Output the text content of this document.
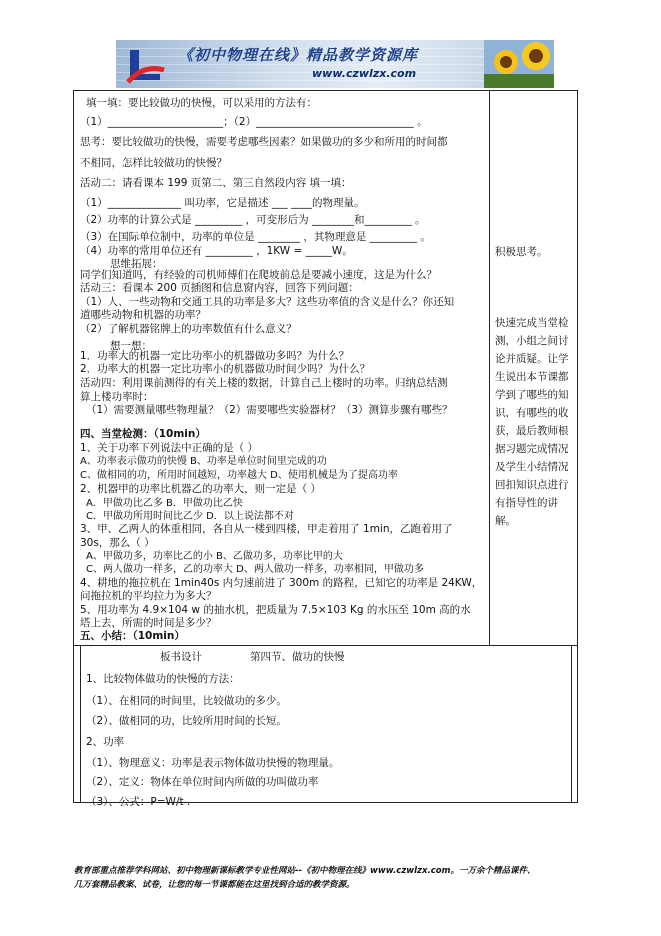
《初中物理在线》精品教学资源库
www.czwlzx.com
填一填：要比较做功的快慢，可以采用的方法有：
（1）______________________；（2）______________________________ 。
思考：要比较做功的快慢，需要考虑哪些因素？如果做功的多少和所用的时间都
不相同，怎样比较做功的快慢？
活动二：请看课本 199 页第二、第三自然段内容 填一填：
（1）______________ 叫功率，它是描述 ___ ____的物理量。
（2）功率的计算公式是 _________ ，可变形后为 ________和_________ 。
（3）在国际单位制中，功率的单位是 ________ ，其物理意是 _________ 。
（4）功率的常用单位还有 _________ ，1KW = _____W。
思维拓展：
同学们知道吗，有经验的司机师傅们在爬坡前总是要减小速度，这是为什么？
活动三：看课本 200 页插图和信息窗内容，回答下列问题：
（1）人、一些动物和交通工具的功率是多大？这些功率值的含义是什么？你还知
道哪些动物和机器的功率？
（2）了解机器铭牌上的功率数值有什么意义？
想一想：
1．功率大的机器一定比功率小的机器做功多吗？为什么？
2．功率大的机器一定比功率小的机器做功时间少吗？为什么？
活动四：利用课前测得的有关上楼的数据，计算自己上楼时的功率。归纳总结测
算上楼功率时：
（1）需要测量哪些物理量？（2）需要哪些实验器材？（3）测算步骤有哪些？
四、当堂检测：（10min）
1、关于功率下列说法中正确的是（ ）
A、功率表示做功的快慢 B、功率是单位时间里完成的功
C、做相同的功，所用时间越短，功率越大 D、使用机械是为了提高功率
2、机器甲的功率比机器乙的功率大，则一定是（ ）
A．甲做功比乙多 B．甲做功比乙快
C．甲做功所用时间比乙少 D．以上说法都不对
3、甲、乙两人的体重相同，各自从一楼到四楼，甲走着用了 1min，乙跑着用了
30s，那么（ ）
A、甲做功多，功率比乙的小 B、乙做功多，功率比甲的大
C、两人做功一样多，乙的功率大 D、两人做功一样多，功率相同，甲做功多
4、耕地的拖拉机在 1min40s 内匀速前进了 300m 的路程，已知它的功率是 24KW，
问拖拉机的平均拉力为多大？
5、用功率为 4.9×104 w 的抽水机，把质量为 7.5×103 Kg 的水压至 10m 高的水
塔上去，所需的时间是多少？
五、小结：（10min）
积极思考。
快速完成当堂检测，小组之间讨论并质疑。让学生说出本节课都学到了哪些的知识，有哪些的收获，最后教师根据习题完成情况及学生小结情况回扣知识点进行有指导性的讲解。
板书设计	第四节、做功的快慢
1、比较物体做功的快慢的方法：
（1）、在相同的时间里，比较做功的多少。
（2）、做相同的功，比较所用时间的长短。
2、功率
（1）、物理意义：功率是表示物体做功快慢的物理量。
（2）、定义：物体在单位时间内所做的功叫做功率
（3）、公式：P=W/t .
教育部重点推荐学科网站、初中物理新课标教学专业性网站--《初中物理在线》www.czwlzx.com。一万余个精品课件、
几万套精品教案、试卷，让您的每一节课都能在这里找到合适的教学资源。
